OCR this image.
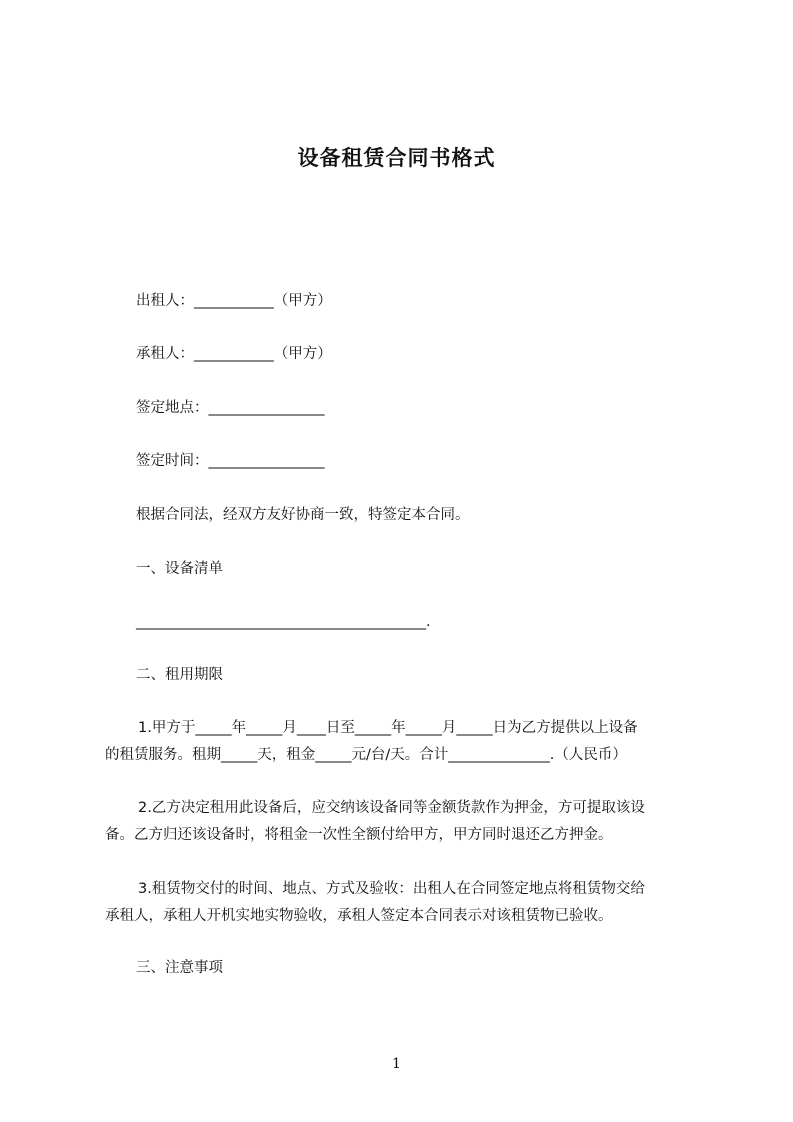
设备租赁合同书格式

出租人：___________（甲方）

承租人：___________（甲方）

签定地点：________________

签定时间：________________

根据合同法，经双方友好协商一致，特签定本合同。

一、设备清单

________________________________________.

二、租用期限

1.甲方于_____年_____月____日至_____年_____月_____日为乙方提供以上设备
的租赁服务。租期_____天，租金_____元/台/天。合计______________.（人民币）
2.乙方决定租用此设备后，应交纳该设备同等金额货款作为押金，方可提取该设
备。乙方归还该设备时，将租金一次性全额付给甲方，甲方同时退还乙方押金。
3.租赁物交付的时间、地点、方式及验收：出租人在合同签定地点将租赁物交给
承租人，承租人开机实地实物验收，承租人签定本合同表示对该租赁物已验收。

三、注意事项

1
